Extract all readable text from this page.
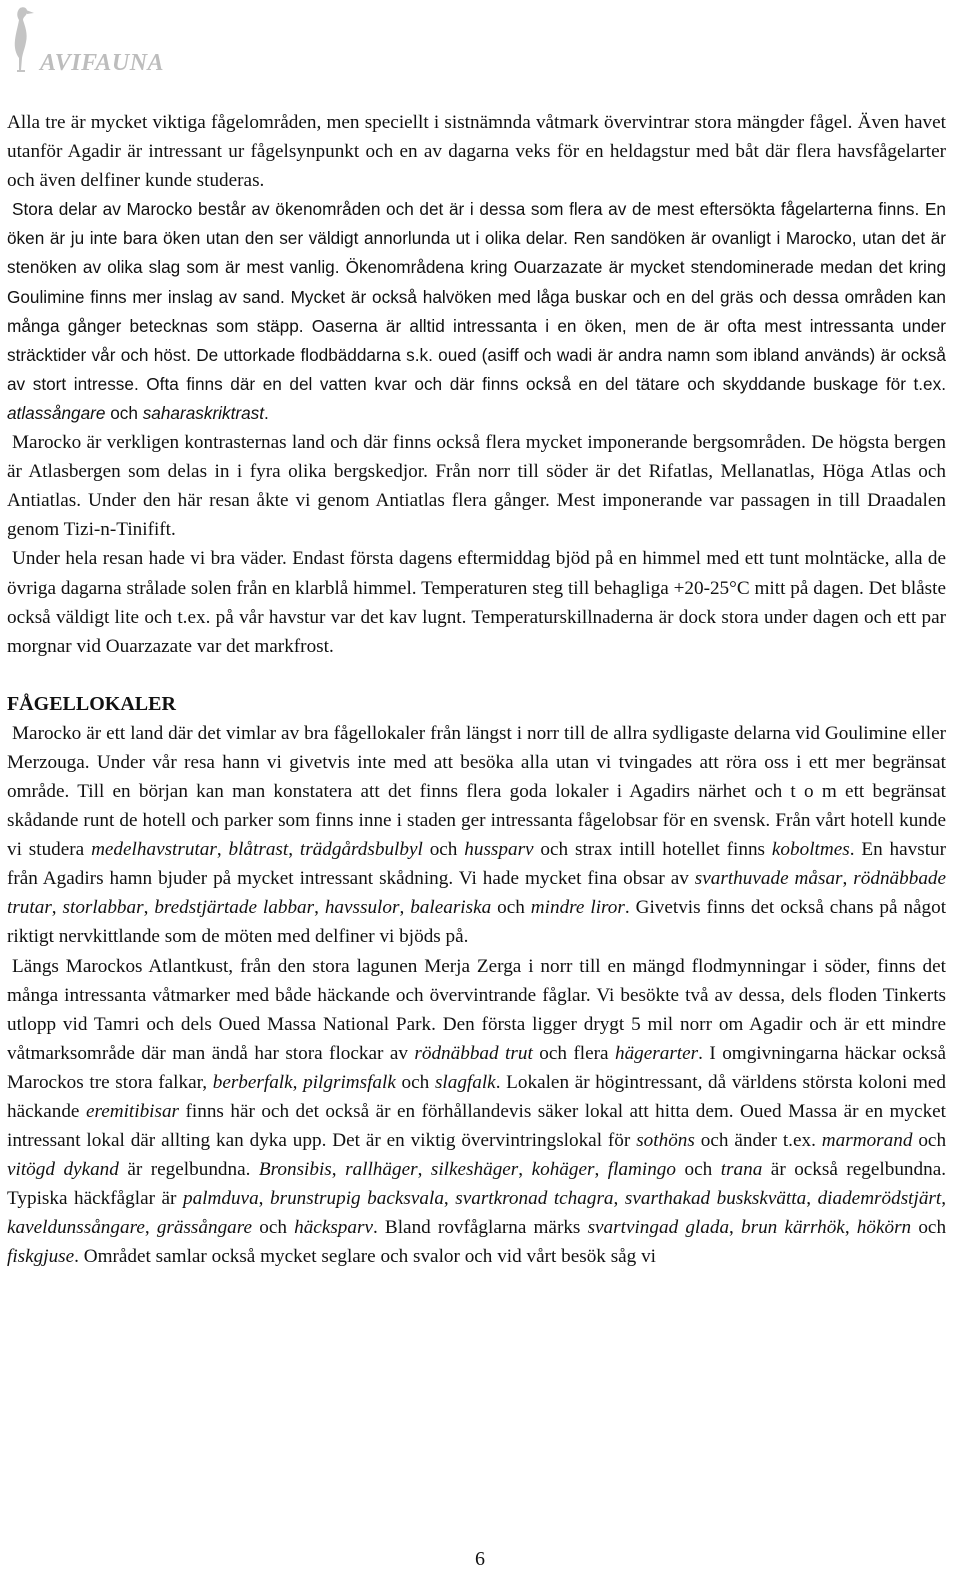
AVIFAUNA

Alla tre är mycket viktiga fågelområden, men speciellt i sistnämnda våtmark övervintrar stora mängder fågel. Även havet utanför Agadir är intressant ur fågelsynpunkt och en av dagarna veks för en heldagstur med båt där flera havsfågelarter och även delfiner kunde studeras.

Stora delar av Marocko består av ökenområden och det är i dessa som flera av de mest eftersökta fågelarterna finns. En öken är ju inte bara öken utan den ser väldigt annorlunda ut i olika delar. Ren sandöken är ovanligt i Marocko, utan det är stenöken av olika slag som är mest vanlig. Ökenområdena kring Ouarzazate är mycket stendominerade medan det kring Goulimine finns mer inslag av sand. Mycket är också halvöken med låga buskar och en del gräs och dessa områden kan många gånger betecknas som stäpp. Oaserna är alltid intressanta i en öken, men de är ofta mest intressanta under sträcktider vår och höst. De uttorkade flodbäddarna s.k. oued (asiff och wadi är andra namn som ibland används) är också av stort intresse. Ofta finns där en del vatten kvar och där finns också en del tätare och skyddande buskage för t.ex. atlassångare och saharaskriktrast.

Marocko är verkligen kontrasternas land och där finns också flera mycket imponerande bergsområden. De högsta bergen är Atlasbergen som delas in i fyra olika bergskedjor. Från norr till söder är det Rifatlas, Mellanatlas, Höga Atlas och Antiatlas. Under den här resan åkte vi genom Antiatlas flera gånger. Mest imponerande var passagen in till Draadalen genom Tizi-n-Tinifift.

Under hela resan hade vi bra väder. Endast första dagens eftermiddag bjöd på en himmel med ett tunt molntäcke, alla de övriga dagarna strålade solen från en klarblå himmel. Temperaturen steg till behagliga +20-25°C mitt på dagen. Det blåste också väldigt lite och t.ex. på vår havstur var det kav lugnt. Temperaturskillnaderna är dock stora under dagen och ett par morgnar vid Ouarzazate var det markfrost.

FÅGELLOKALER

Marocko är ett land där det vimlar av bra fågellokaler från längst i norr till de allra sydligaste delarna vid Goulimine eller Merzouga. Under vår resa hann vi givetvis inte med att besöka alla utan vi tvingades att röra oss i ett mer begränsat område. Till en början kan man konstatera att det finns flera goda lokaler i Agadirs närhet och t o m ett begränsat skådande runt de hotell och parker som finns inne i staden ger intressanta fågelobsar för en svensk. Från vårt hotell kunde vi studera medelhavstrutar, blåtrast, trädgårdsbulbyl och hussparv och strax intill hotellet finns koboltmes. En havstur från Agadirs hamn bjuder på mycket intressant skådning. Vi hade mycket fina obsar av svarthuvade måsar, rödnäbbade trutar, storlabbar, bredstjärtade labbar, havssulor, baleariska och mindre liror. Givetvis finns det också chans på något riktigt nervkittlande som de möten med delfiner vi bjöds på.

Längs Marockos Atlantkust, från den stora lagunen Merja Zerga i norr till en mängd flodmynningar i söder, finns det många intressanta våtmarker med både häckande och övervintrande fåglar. Vi besökte två av dessa, dels floden Tinkerts utlopp vid Tamri och dels Oued Massa National Park. Den första ligger drygt 5 mil norr om Agadir och är ett mindre våtmarksområde där man ändå har stora flockar av rödnäbbad trut och flera hägerarter. I omgivningarna häckar också Marockos tre stora falkar, berberfalk, pilgrimsfalk och slagfalk. Lokalen är högintressant, då världens största koloni med häckande eremitibisar finns här och det också är en förhållandevis säker lokal att hitta dem. Oued Massa är en mycket intressant lokal där allting kan dyka upp. Det är en viktig övervintringslokal för sothöns och änder t.ex. marmorand och vitögd dykand är regelbundna. Bronsibis, rallhäger, silkeshäger, kohäger, flamingo och trana är också regelbundna. Typiska häckfåglar är palmduva, brunstrupig backsvala, svartkronad tchagra, svarthakad buskskvätta, diademrödstjärt, kaveldunssångare, grässångare och häcksparv. Bland rovfåglarna märks svartvingad glada, brun kärrhök, hökörn och fiskgjuse. Området samlar också mycket seglare och svalor och vid vårt besök såg vi

6
